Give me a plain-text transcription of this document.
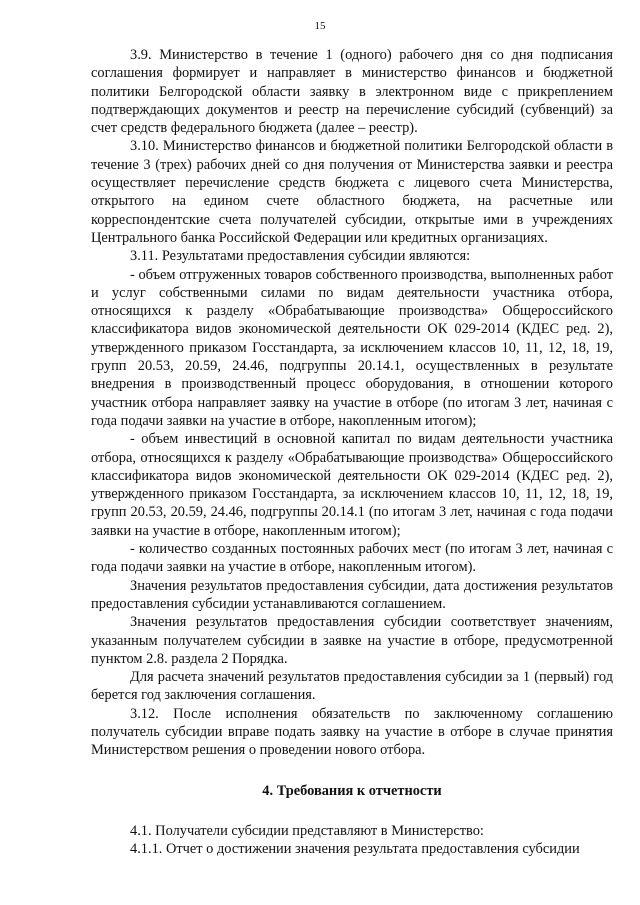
15

3.9. Министерство в течение 1 (одного) рабочего дня со дня подписания соглашения формирует и направляет в министерство финансов и бюджетной политики Белгородской области заявку в электронном виде с прикреплением подтверждающих документов и реестр на перечисление субсидий (субвенций) за счет средств федерального бюджета (далее – реестр).

3.10. Министерство финансов и бюджетной политики Белгородской области в течение 3 (трех) рабочих дней со дня получения от Министерства заявки и реестра осуществляет перечисление средств бюджета с лицевого счета Министерства, открытого на едином счете областного бюджета, на расчетные или корреспондентские счета получателей субсидии, открытые ими в учреждениях Центрального банка Российской Федерации или кредитных организациях.

3.11. Результатами предоставления субсидии являются:

- объем отгруженных товаров собственного производства, выполненных работ и услуг собственными силами по видам деятельности участника отбора, относящихся к разделу «Обрабатывающие производства» Общероссийского классификатора видов экономической деятельности ОК 029-2014 (КДЕС ред. 2), утвержденного приказом Госстандарта, за исключением классов 10, 11, 12, 18, 19, групп 20.53, 20.59, 24.46, подгруппы 20.14.1, осуществленных в результате внедрения в производственный процесс оборудования, в отношении которого участник отбора направляет заявку на участие в отборе (по итогам 3 лет, начиная с года подачи заявки на участие в отборе, накопленным итогом);

- объем инвестиций в основной капитал по видам деятельности участника отбора, относящихся к разделу «Обрабатывающие производства» Общероссийского классификатора видов экономической деятельности ОК 029-2014 (КДЕС ред. 2), утвержденного приказом Госстандарта, за исключением классов 10, 11, 12, 18, 19, групп 20.53, 20.59, 24.46, подгруппы 20.14.1 (по итогам 3 лет, начиная с года подачи заявки на участие в отборе, накопленным итогом);

- количество созданных постоянных рабочих мест (по итогам 3 лет, начиная с года подачи заявки на участие в отборе, накопленным итогом).

Значения результатов предоставления субсидии, дата достижения результатов предоставления субсидии устанавливаются соглашением.

Значения результатов предоставления субсидии соответствует значениям, указанным получателем субсидии в заявке на участие в отборе, предусмотренной пунктом 2.8. раздела 2 Порядка.

Для расчета значений результатов предоставления субсидии за 1 (первый) год берется год заключения соглашения.

3.12. После исполнения обязательств по заключенному соглашению получатель субсидии вправе подать заявку на участие в отборе в случае принятия Министерством решения о проведении нового отбора.

4. Требования к отчетности

4.1. Получатели субсидии представляют в Министерство:

4.1.1. Отчет о достижении значения результата предоставления субсидии
